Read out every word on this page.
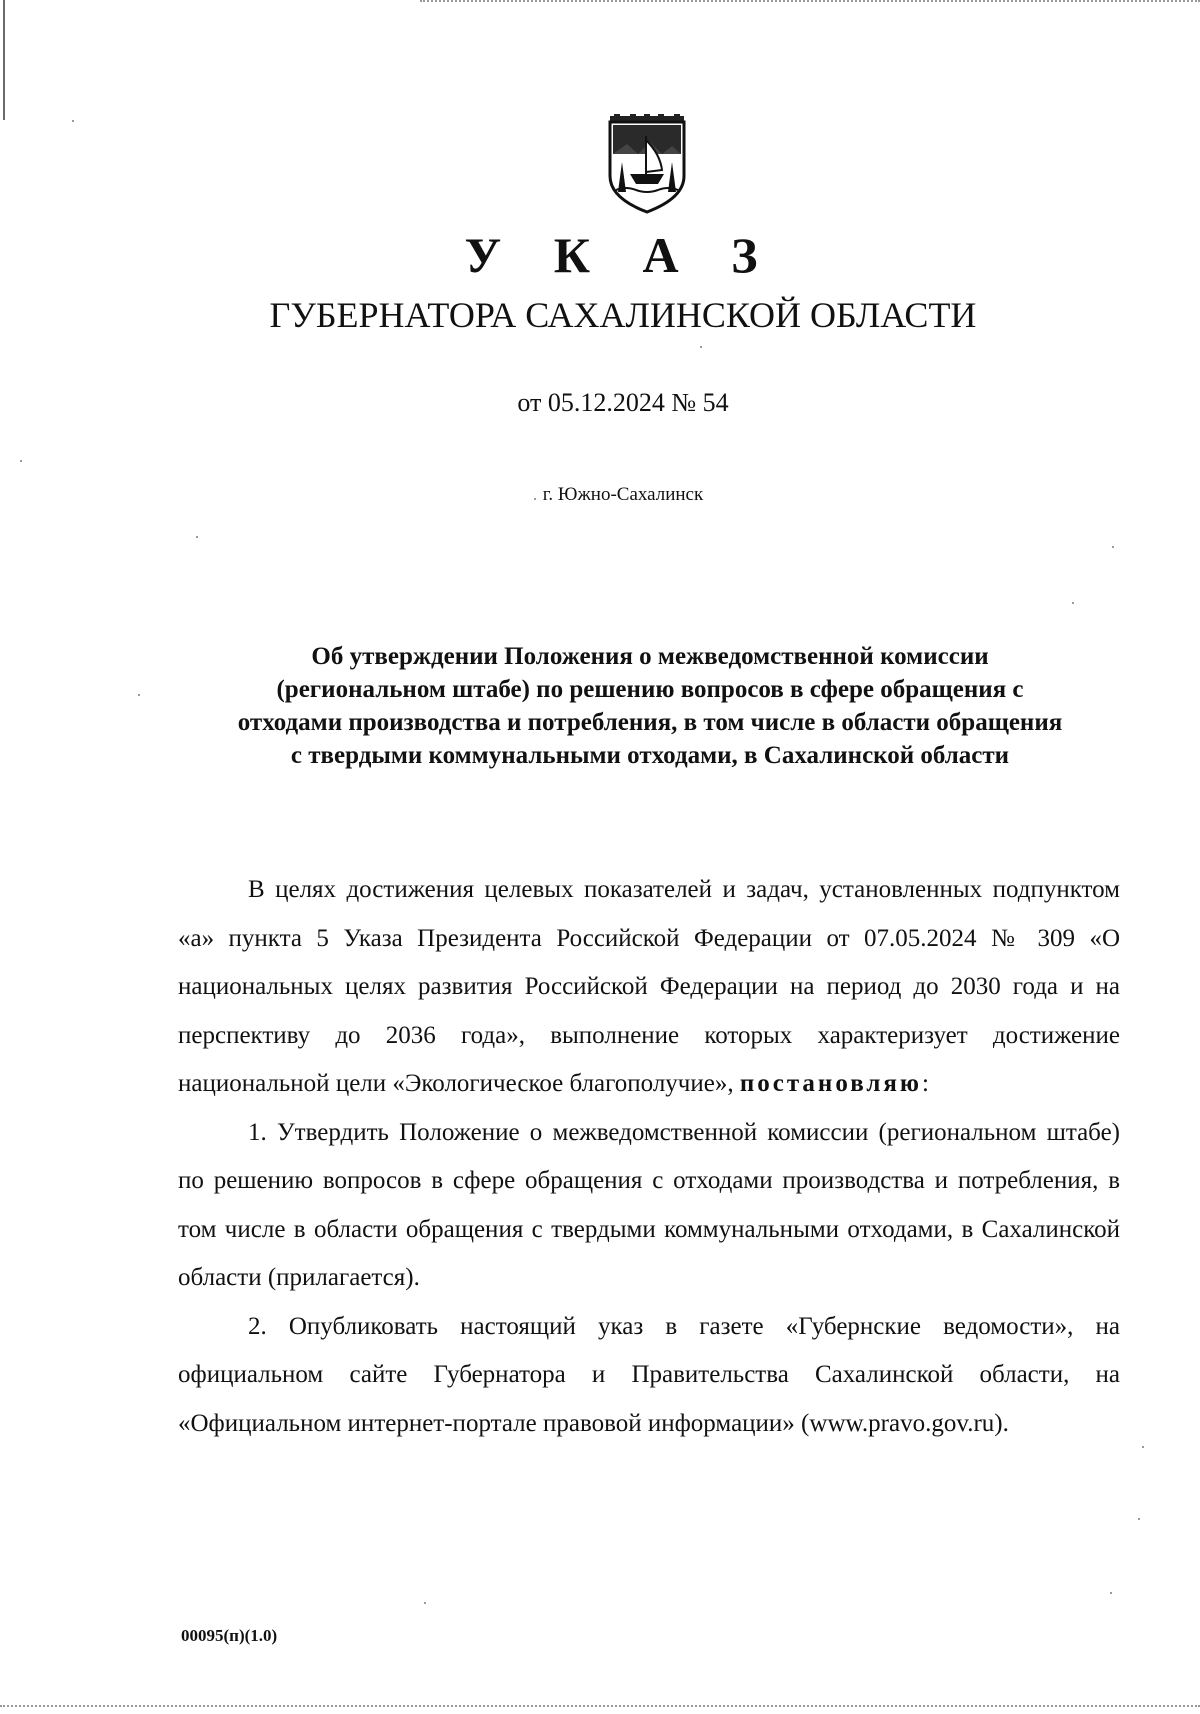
У К А З
ГУБЕРНАТОРА САХАЛИНСКОЙ ОБЛАСТИ
от 05.12.2024 № 54
г. Южно-Сахалинск
Об утверждении Положения о межведомственной комиссии
(региональном штабе) по решению вопросов в сфере обращения с
отходами производства и потребления, в том числе в области обращения
с твердыми коммунальными отходами, в Сахалинской области

В целях достижения целевых показателей и задач, установленных подпунктом «а» пункта 5 Указа Президента Российской Федерации от 07.05.2024 № 309 «О национальных целях развития Российской Федерации на период до 2030 года и на перспективу до 2036 года», выполнение которых характеризует достижение национальной цели «Экологическое благополучие», постановляю:

1. Утвердить Положение о межведомственной комиссии (региональном штабе) по решению вопросов в сфере обращения с отходами производства и потребления, в том числе в области обращения с твердыми коммунальными отходами, в Сахалинской области (прилагается).

2. Опубликовать настоящий указ в газете «Губернские ведомости», на официальном сайте Губернатора и Правительства Сахалинской области, на «Официальном интернет-портале правовой информации» (www.pravo.gov.ru).

00095(п)(1.0)
